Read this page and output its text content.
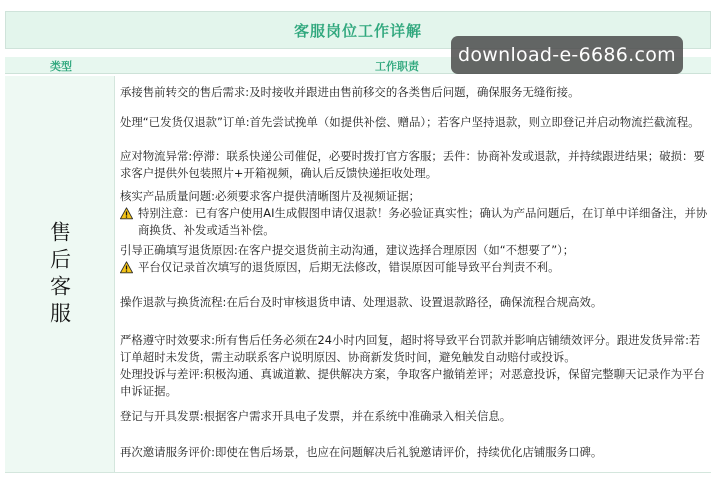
客服岗位工作详解
类型	工作职责
售后客服

承接售前转交的售后需求:及时接收并跟进由售前移交的各类售后问题，确保服务无缝衔接。

处理“已发货仅退款”订单:首先尝试挽单（如提供补偿、赠品）；若客户坚持退款，则立即登记并启动物流拦截流程。

应对物流异常:停滞：联系快递公司催促，必要时拨打官方客服；丢件：协商补发或退款，并持续跟进结果；破损：要求客户提供外包装照片+开箱视频，确认后反馈快递拒收处理。

核实产品质量问题:必须要求客户提供清晰图片及视频证据；

特别注意：已有客户使用AI生成假图申请仅退款！务必验证真实性；确认为产品问题后，在订单中详细备注，并协商换货、补发或适当补偿。

引导正确填写退货原因:在客户提交退货前主动沟通，建议选择合理原因（如“不想要了”）；

平台仅记录首次填写的退货原因，后期无法修改，错误原因可能导致平台判责不利。

操作退款与换货流程:在后台及时审核退货申请、处理退款、设置退款路径，确保流程合规高效。

严格遵守时效要求:所有售后任务必须在24小时内回复，超时将导致平台罚款并影响店铺绩效评分。跟进发货异常:若订单超时未发货，需主动联系客户说明原因、协商新发货时间，避免触发自动赔付或投诉。

处理投诉与差评:积极沟通、真诚道歉、提供解决方案，争取客户撤销差评；对恶意投诉，保留完整聊天记录作为平台申诉证据。

登记与开具发票:根据客户需求开具电子发票，并在系统中准确录入相关信息。

再次邀请服务评价:即使在售后场景，也应在问题解决后礼貌邀请评价，持续优化店铺服务口碑。

download-e-6686.com
